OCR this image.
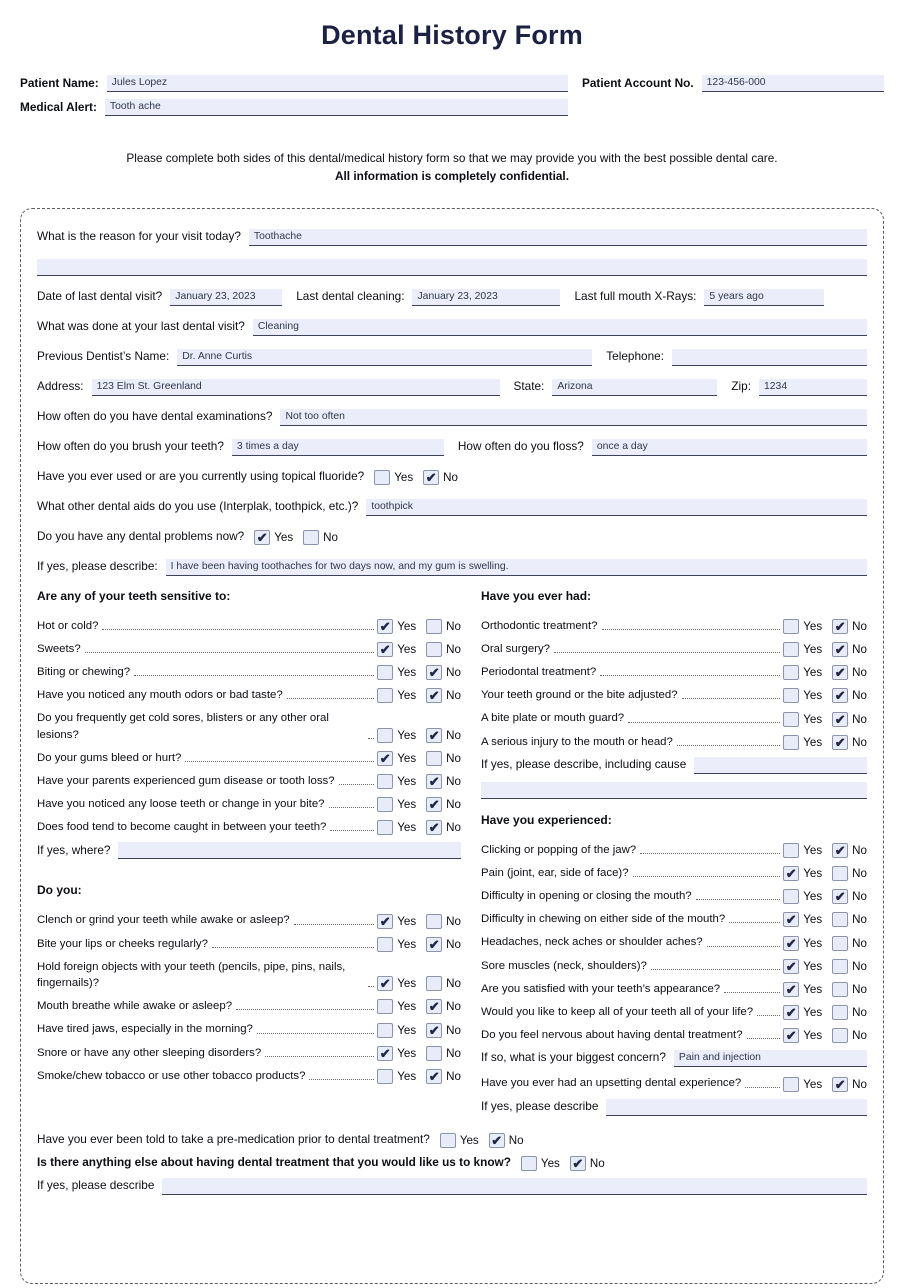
Dental History Form
Patient Name: Jules Lopez
Medical Alert: Tooth ache
Patient Account No. 123-456-000
Please complete both sides of this dental/medical history form so that we may provide you with the best possible dental care.
All information is completely confidential.
What is the reason for your visit today? Toothache
Date of last dental visit? January 23, 2023	Last dental cleaning: January 23, 2023	Last full mouth X-Rays: 5 years ago
What was done at your last dental visit? Cleaning
Previous Dentist’s Name: Dr. Anne Curtis	Telephone:
Address: 123 Elm St. Greenland	State: Arizona	Zip: 1234
How often do you have dental examinations? Not too often
How often do you brush your teeth? 3 times a day	How often do you floss? once a day
Have you ever used or are you currently using topical fluoride?	Yes ✔ No
What other dental aids do you use (Interplak, toothpick, etc.)? toothpick
Do you have any dental problems now? ✔ Yes	No
If yes, please describe: I have been having toothaches for two days now, and my gum is swelling.
Are any of your teeth sensitive to:
Hot or cold?	✔ Yes	No
Sweets?	✔ Yes	No
Biting or chewing?	Yes ✔ No
Have you noticed any mouth odors or bad taste?	Yes ✔ No
Do you frequently get cold sores, blisters or any other oral lesions?	Yes ✔ No
Do your gums bleed or hurt?	✔ Yes	No
Have your parents experienced gum disease or tooth loss?	Yes ✔ No
Have you noticed any loose teeth or change in your bite?	Yes ✔ No
Does food tend to become caught in between your teeth?	Yes ✔ No
If yes, where?
Do you:
Clench or grind your teeth while awake or asleep?	✔ Yes	No
Bite your lips or cheeks regularly?	Yes ✔ No
Hold foreign objects with your teeth (pencils, pipe, pins, nails, fingernails)?	✔ Yes	No
Mouth breathe while awake or asleep?	Yes ✔ No
Have tired jaws, especially in the morning?	Yes ✔ No
Snore or have any other sleeping disorders?	✔ Yes	No
Smoke/chew tobacco or use other tobacco products?	Yes ✔ No
Have you ever had:
Orthodontic treatment?	Yes ✔ No
Oral surgery?	Yes ✔ No
Periodontal treatment?	Yes ✔ No
Your teeth ground or the bite adjusted?	Yes ✔ No
A bite plate or mouth guard?	Yes ✔ No
A serious injury to the mouth or head?	Yes ✔ No
If yes, please describe, including cause
Have you experienced:
Clicking or popping of the jaw?	Yes ✔ No
Pain (joint, ear, side of face)?	✔ Yes	No
Difficulty in opening or closing the mouth?	Yes ✔ No
Difficulty in chewing on either side of the mouth?	✔ Yes	No
Headaches, neck aches or shoulder aches?	✔ Yes	No
Sore muscles (neck, shoulders)?	✔ Yes	No
Are you satisfied with your teeth’s appearance?	✔ Yes	No
Would you like to keep all of your teeth all of your life?	✔ Yes	No
Do you feel nervous about having dental treatment?	✔ Yes	No
If so, what is your biggest concern? Pain and injection
Have you ever had an upsetting dental experience?	Yes ✔ No
If yes, please describe
Have you ever been told to take a pre-medication prior to dental treatment?	Yes ✔ No
Is there anything else about having dental treatment that you would like us to know?	Yes ✔ No
If yes, please describe
